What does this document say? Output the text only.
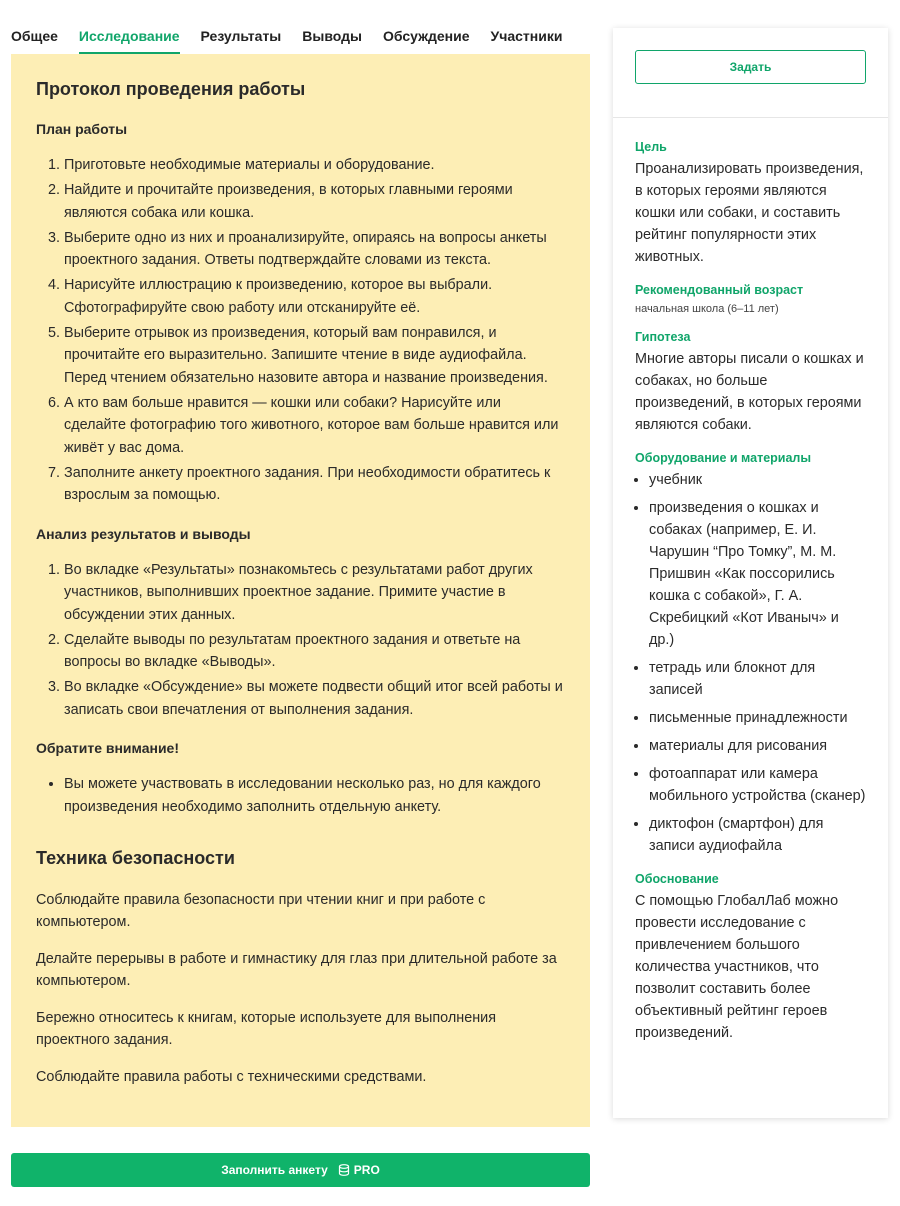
Общее Исследование Результаты Выводы Обсуждение Участники
Протокол проведения работы
План работы
1. Приготовьте необходимые материалы и оборудование.
2. Найдите и прочитайте произведения, в которых главными героями являются собака или кошка.
3. Выберите одно из них и проанализируйте, опираясь на вопросы анкеты проектного задания. Ответы подтверждайте словами из текста.
4. Нарисуйте иллюстрацию к произведению, которое вы выбрали. Сфотографируйте свою работу или отсканируйте её.
5. Выберите отрывок из произведения, который вам понравился, и прочитайте его выразительно. Запишите чтение в виде аудиофайла. Перед чтением обязательно назовите автора и название произведения.
6. А кто вам больше нравится — кошки или собаки? Нарисуйте или сделайте фотографию того животного, которое вам больше нравится или живёт у вас дома.
7. Заполните анкету проектного задания. При необходимости обратитесь к взрослым за помощью.
Анализ результатов и выводы
1. Во вкладке «Результаты» познакомьтесь с результатами работ других участников, выполнивших проектное задание. Примите участие в обсуждении этих данных.
2. Сделайте выводы по результатам проектного задания и ответьте на вопросы во вкладке «Выводы».
3. Во вкладке «Обсуждение» вы можете подвести общий итог всей работы и записать свои впечатления от выполнения задания.
Обратите внимание!
• Вы можете участвовать в исследовании несколько раз, но для каждого произведения необходимо заполнить отдельную анкету.
Техника безопасности

Соблюдайте правила безопасности при чтении книг и при работе с компьютером.

Делайте перерывы в работе и гимнастику для глаз при длительной работе за компьютером.

Бережно относитесь к книгам, которые используете для выполнения проектного задания.

Соблюдайте правила работы с техническими средствами.

Задать
Цель
Проанализировать произведения, в которых героями являются кошки или собаки, и составить рейтинг популярности этих животных.
Рекомендованный возраст
начальная школа (6–11 лет)
Гипотеза
Многие авторы писали о кошках и собаках, но больше произведений, в которых героями являются собаки.
Оборудование и материалы
• учебник
• произведения о кошках и собаках (например, Е. И. Чарушин “Про Томку”, М. М. Пришвин «Как поссорились кошка с собакой», Г. А. Скребицкий «Кот Иваныч» и др.)
• тетрадь или блокнот для записей
• письменные принадлежности
• материалы для рисования
• фотоаппарат или камера мобильного устройства (сканер)
• диктофон (смартфон) для записи аудиофайла
Обоснование
С помощью ГлобалЛаб можно провести исследование с привлечением большого количества участников, что позволит составить более объективный рейтинг героев произведений.
Заполнить анкету PRO
